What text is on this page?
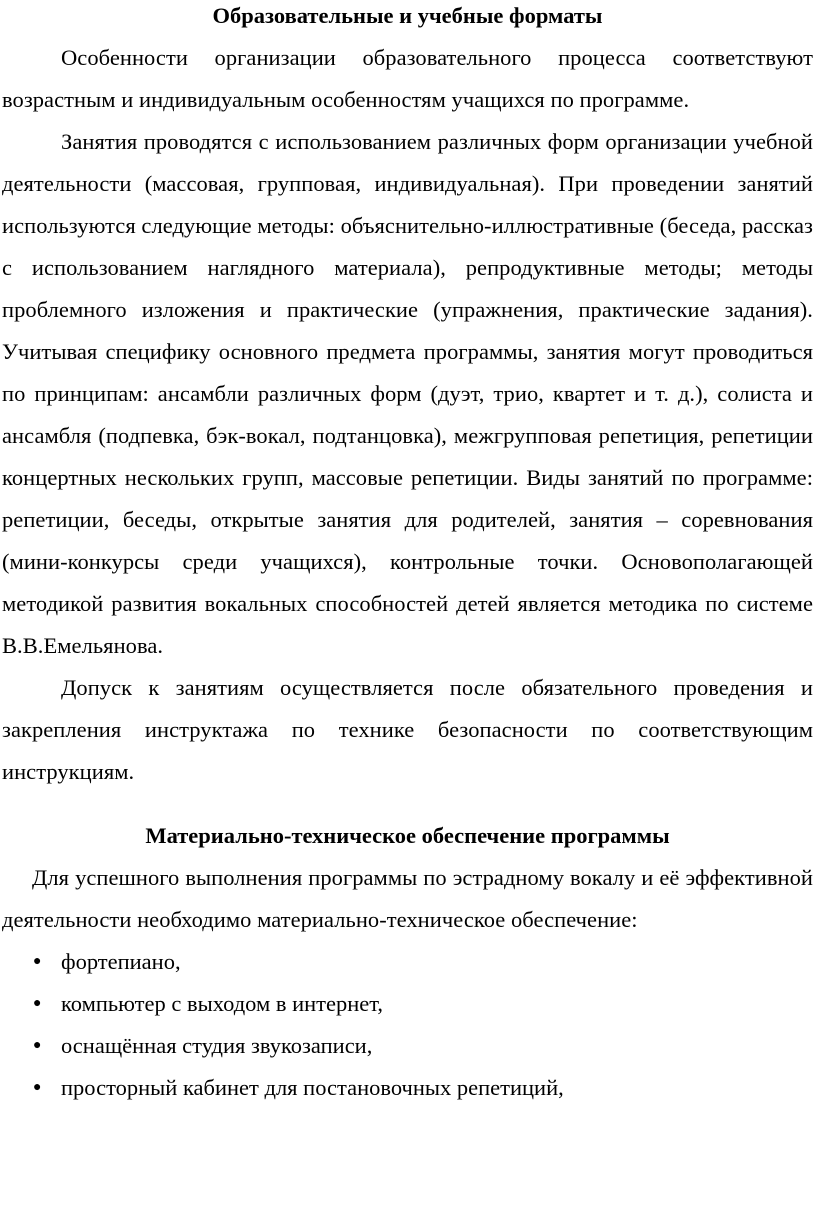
Образовательные и учебные форматы

Особенности организации образовательного процесса соответствуют возрастным и индивидуальным особенностям учащихся по программе.

Занятия проводятся с использованием различных форм организации учебной деятельности (массовая, групповая, индивидуальная). При проведении занятий используются следующие методы: объяснительно-иллюстративные (беседа, рассказ с использованием наглядного материала), репродуктивные методы; методы проблемного изложения и практические (упражнения, практические задания). Учитывая специфику основного предмета программы, занятия могут проводиться по принципам: ансамбли различных форм (дуэт, трио, квартет и т. д.), солиста и ансамбля (подпевка, бэк-вокал, подтанцовка), межгрупповая репетиция, репетиции концертных нескольких групп, массовые репетиции. Виды занятий по программе: репетиции, беседы, открытые занятия для родителей, занятия – соревнования (мини-конкурсы среди учащихся), контрольные точки. Основополагающей методикой развития вокальных способностей детей является методика по системе В.В.Емельянова.

Допуск к занятиям осуществляется после обязательного проведения и закрепления инструктажа по технике безопасности по соответствующим инструкциям.

Материально-техническое обеспечение программы

Для успешного выполнения программы по эстрадному вокалу и её эффективной деятельности необходимо материально-техническое обеспечение:

● фортепиано,
● компьютер с выходом в интернет,
● оснащённая студия звукозаписи,
● просторный кабинет для постановочных репетиций,
